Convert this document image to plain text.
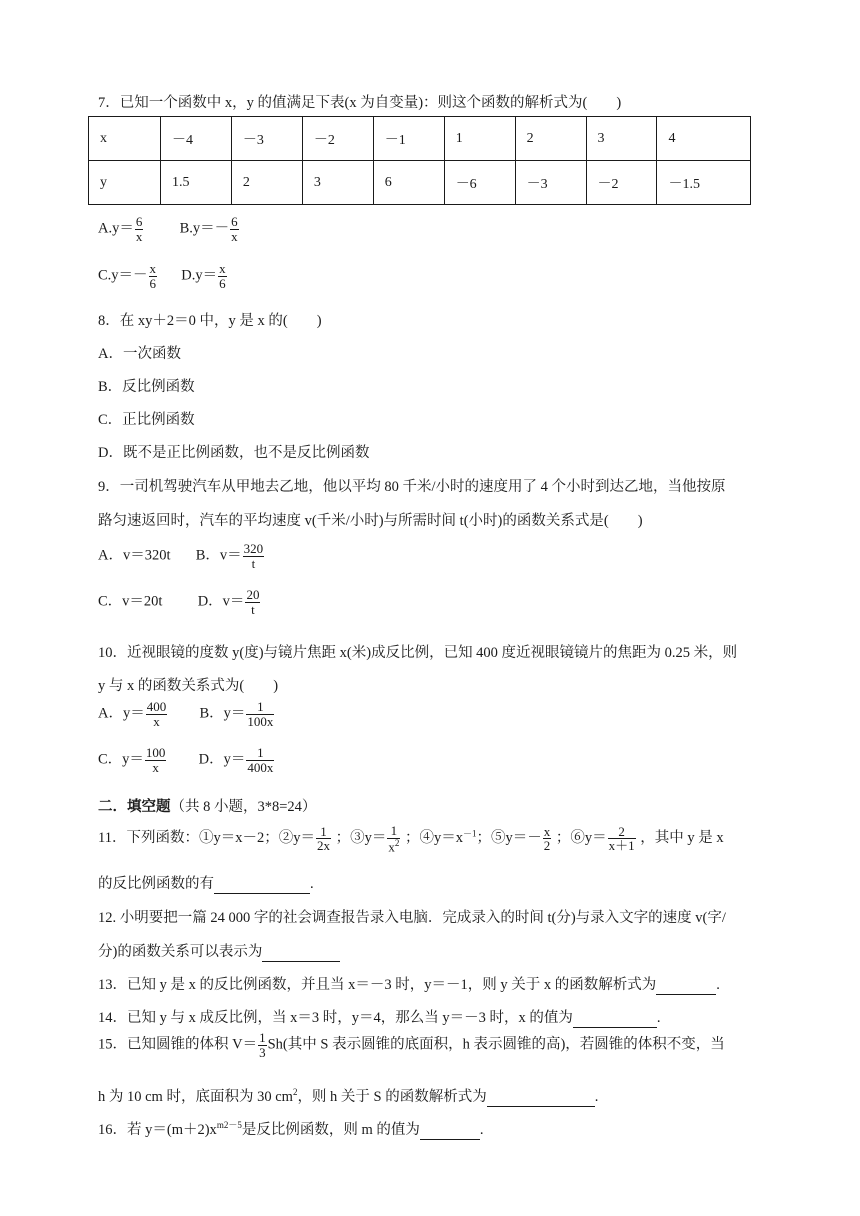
7．已知一个函数中 x，y 的值满足下表(x 为自变量)：则这个函数的解析式为(　　)
x	－4	－3	－2	－1	1	2	3	4
y	1.5	2	3	6	－6	－3	－2	－1.5
$A.y= \frac{6}{x}$	$B.y=- \frac{6}{x}$
$C.y=- \frac{x}{6} D.y= \frac{x}{6}$
8．在 xy＋2＝0 中，y 是 x 的(　　)
A．一次函数
B．反比例函数
C．正比例函数
D．既不是正比例函数，也不是反比例函数
9．一司机驾驶汽车从甲地去乙地，他以平均 80 千米/小时的速度用了 4 个小时到达乙地，当他按原
路匀速返回时，汽车的平均速度 v(千米/小时)与所需时间 t(小时)的函数关系式是(　　)
A．v＝320t B．$v= \frac{320}{t}$
C．v＝20t D．$v= \frac{20}{t}$
10．近视眼镜的度数 y(度)与镜片焦距 x(米)成反比例，已知 400 度近视眼镜镜片的焦距为 0.25 米，则
y 与 x 的函数关系式为(　　)
A．$y= \frac{400}{x}$ B．$y= \frac{1}{100x}$
C．$y= \frac{100}{x}$ D．$y= \frac{1}{400x}$
二．填空题（共 8 小题，3*8=24）
11．下列函数：①y＝x－2；②y＝ $\frac{1}{2x}$ ；③y＝ $\frac{1}{x^2}$ ；$④y=x^{-1}$；⑤y＝－ $\frac{x}{2}$ ；⑥y＝ $\frac{2}{x+1}$ ，其中 y 是 x
的反比例函数的有	.
12. 小明要把一篇 24 000 字的社会调查报告录入电脑．完成录入的时间 t(分)与录入文字的速度 v(字/
分)的函数关系可以表示为
13．已知 y 是 x 的反比例函数，并且当 x＝－3 时，y＝－1，则 y 关于 x 的函数解析式为	.
14．已知 y 与 x 成反比例，当 x＝3 时，y＝4，那么当 y＝－3 时，x 的值为	.
15．已知圆锥的体积 $V= \frac{1}{3} Sh$(其中 S 表示圆锥的底面积，h 表示圆锥的高)，若圆锥的体积不变，当
h 为 10 cm 时，底面积为 30 $cm^2$，则 h 关于 S 的函数解析式为	.
16．若 $y=(m+2)x^{m2-5}$是反比例函数，则 m 的值为	.
